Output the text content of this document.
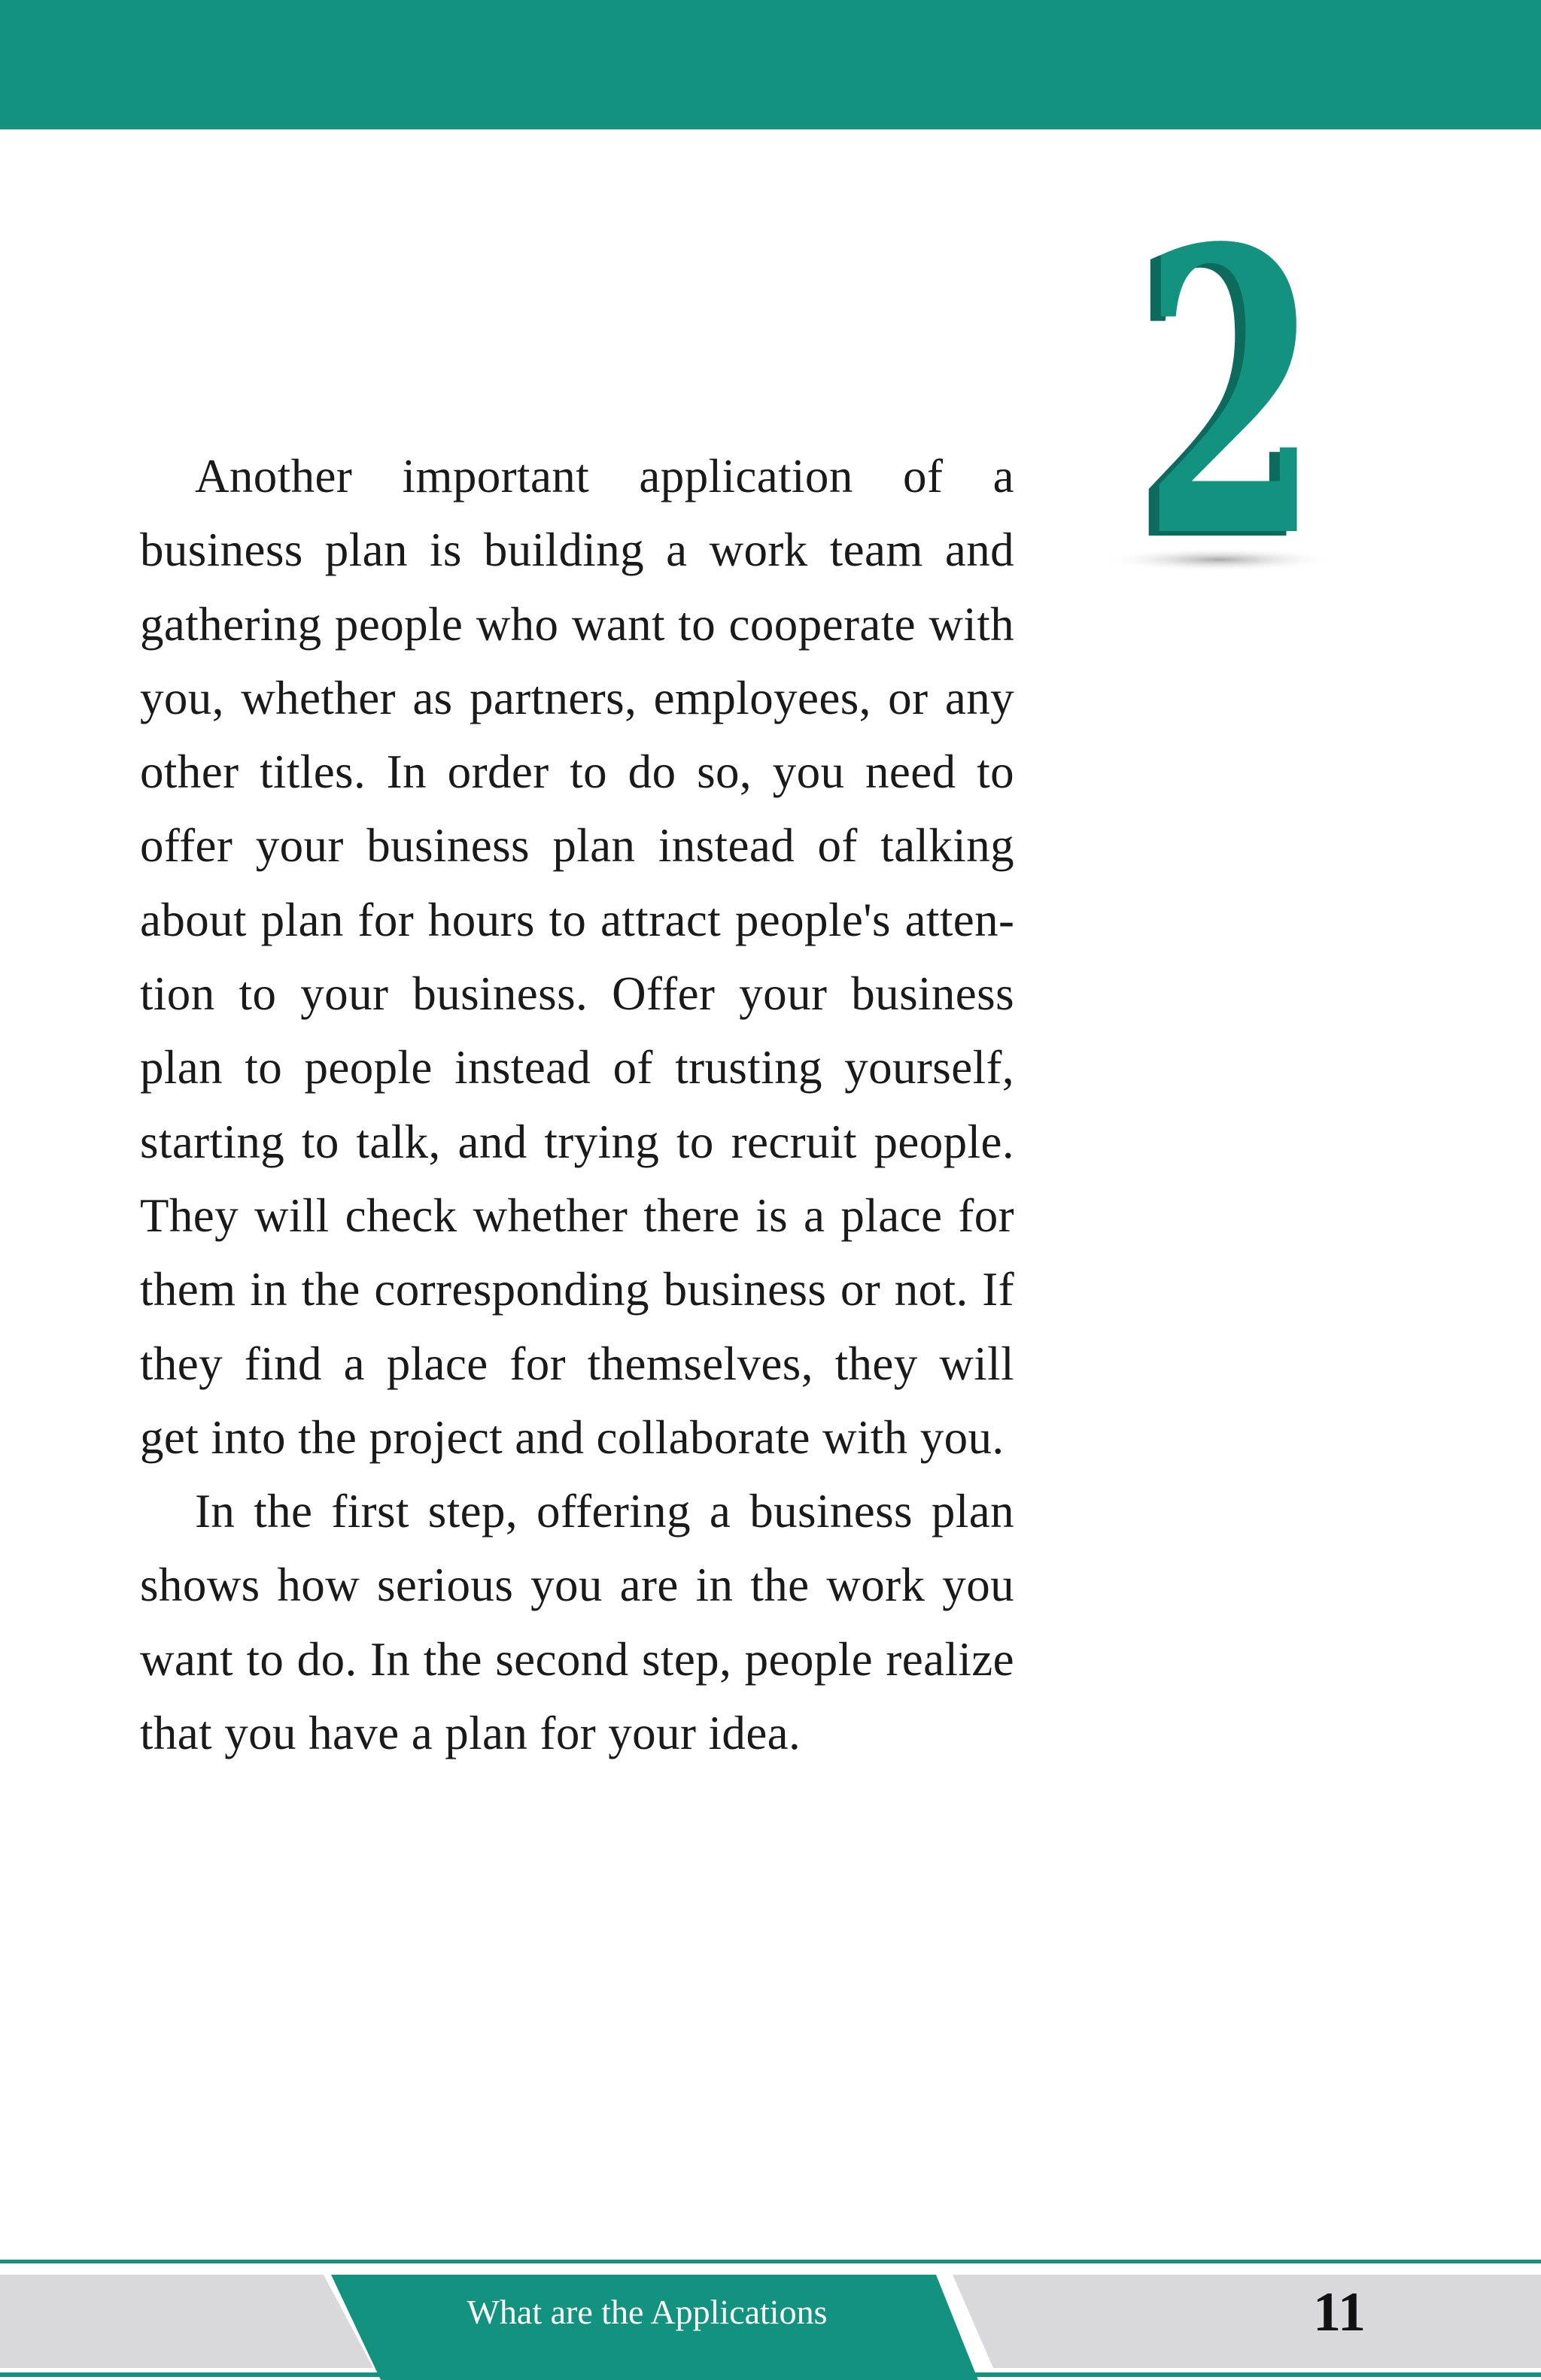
2
2

Another important application of a business plan is building a work team and gathering people who want to cooperate with you, whether as partners, employees, or any other titles. In order to do so, you need to offer your business plan instead of talking about plan for hours to attract people's attention to your business. Offer your business plan to people instead of trusting yourself, starting to talk, and trying to recruit people. They will check whether there is a place for them in the corresponding business or not. If they find a place for themselves, they will get into the project and collaborate with you.

In the first step, offering a business plan shows how serious you are in the work you want to do. In the second step, people realize that you have a plan for your idea.

What are the Applications	11
